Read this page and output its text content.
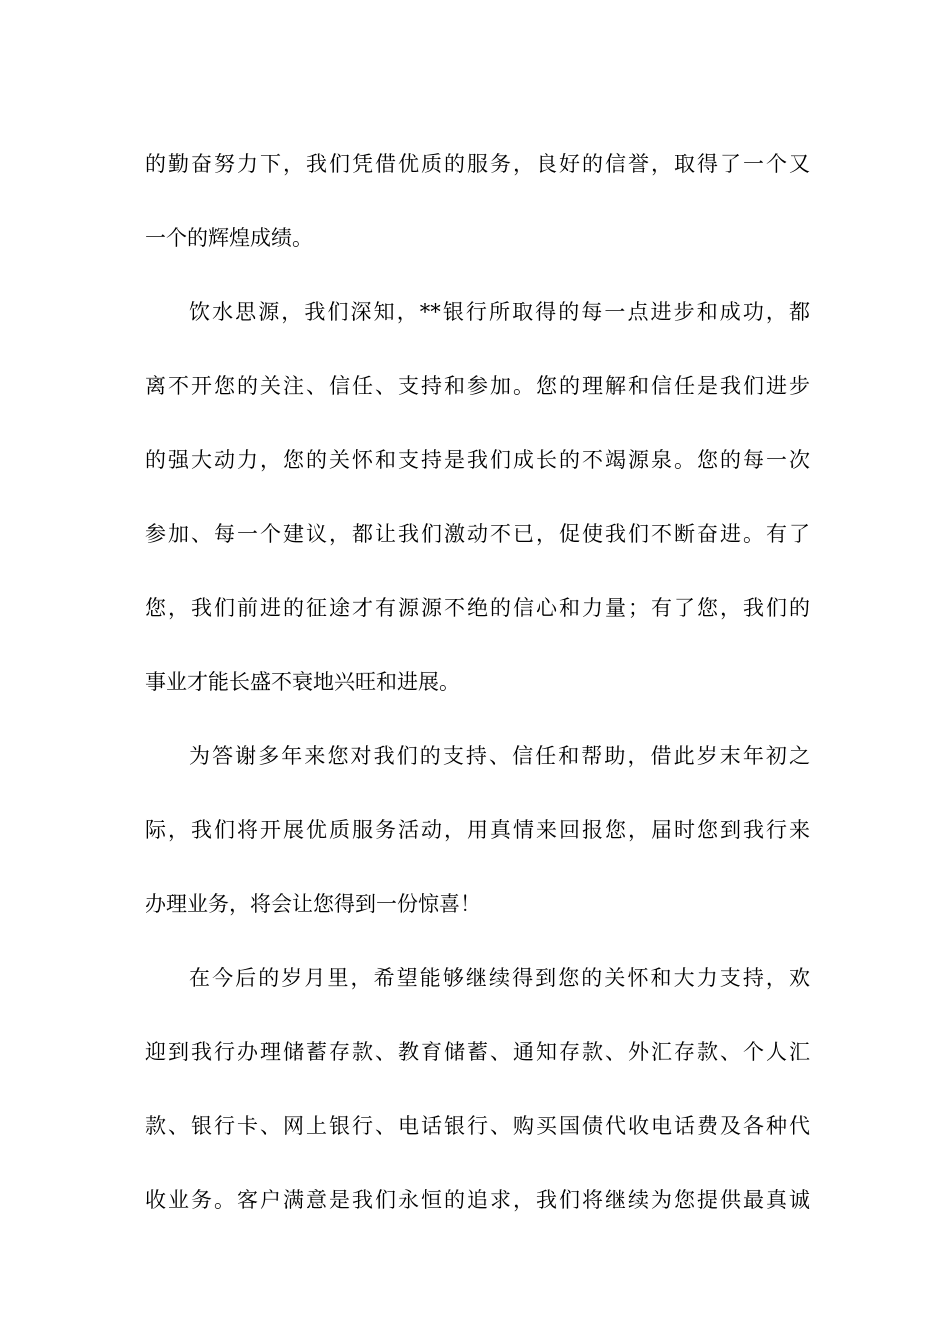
的勤奋努力下，我们凭借优质的服务，良好的信誉，取得了一个又
一个的辉煌成绩。
饮水思源，我们深知，**银行所取得的每一点进步和成功，都
离不开您的关注、信任、支持和参加。您的理解和信任是我们进步
的强大动力，您的关怀和支持是我们成长的不竭源泉。您的每一次
参加、每一个建议，都让我们激动不已，促使我们不断奋进。有了
您，我们前进的征途才有源源不绝的信心和力量；有了您，我们的
事业才能长盛不衰地兴旺和进展。
为答谢多年来您对我们的支持、信任和帮助，借此岁末年初之
际，我们将开展优质服务活动，用真情来回报您，届时您到我行来
办理业务，将会让您得到一份惊喜！
在今后的岁月里，希望能够继续得到您的关怀和大力支持，欢
迎到我行办理储蓄存款、教育储蓄、通知存款、外汇存款、个人汇
款、银行卡、网上银行、电话银行、购买国债代收电话费及各种代
收业务。客户满意是我们永恒的追求，我们将继续为您提供最真诚
